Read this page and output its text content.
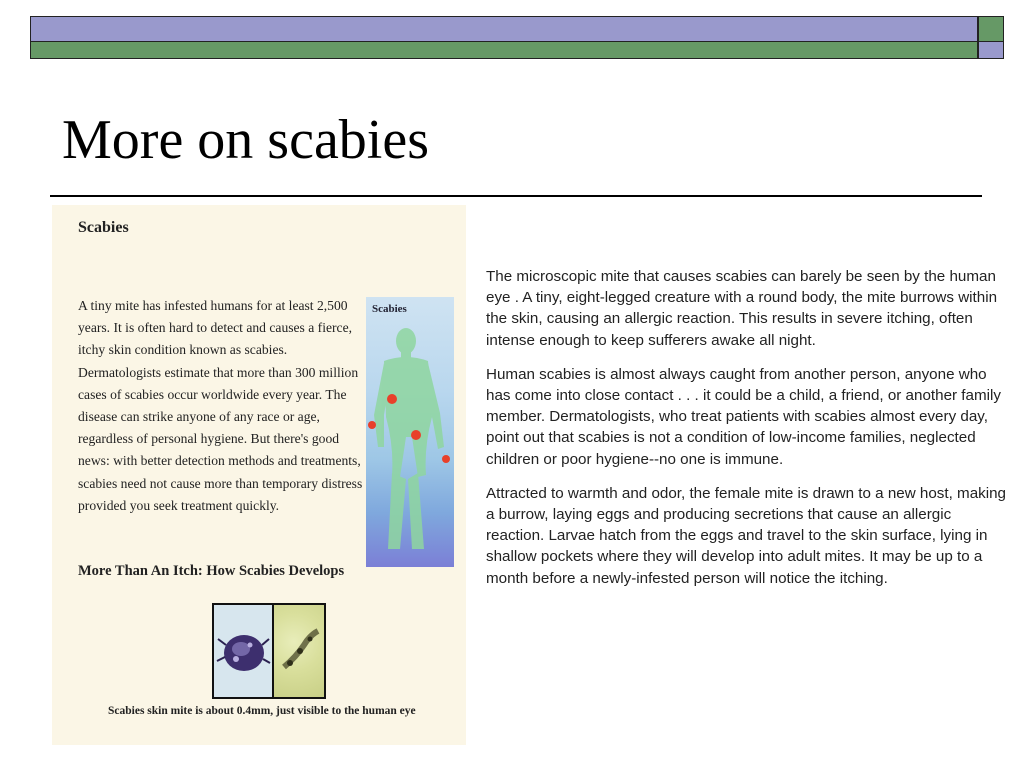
More on scabies
Scabies

A tiny mite has infested humans for at least 2,500 years. It is often hard to detect and causes a fierce, itchy skin condition known as scabies. Dermatologists estimate that more than 300 million cases of scabies occur worldwide every year. The disease can strike anyone of any race or age, regardless of personal hygiene. But there's good news: with better detection methods and treatments, scabies need not cause more than temporary distress provided you seek treatment quickly.

Scabies
More Than An Itch: How Scabies Develops

Scabies skin mite is about 0.4mm, just visible to the human eye

The microscopic mite that causes scabies can barely be seen by the human eye . A tiny, eight-legged creature with a round body, the mite burrows within the skin, causing an allergic reaction. This results in severe itching, often intense enough to keep sufferers awake all night.

Human scabies is almost always caught from another person, anyone who has come into close contact . . . it could be a child, a friend, or another family member. Dermatologists, who treat patients with scabies almost every day, point out that scabies is not a condition of low-income families, neglected children or poor hygiene--no one is immune.

Attracted to warmth and odor, the female mite is drawn to a new host, making a burrow, laying eggs and producing secretions that cause an allergic reaction. Larvae hatch from the eggs and travel to the skin surface, lying in shallow pockets where they will develop into adult mites. It may be up to a month before a newly-infested person will notice the itching.
